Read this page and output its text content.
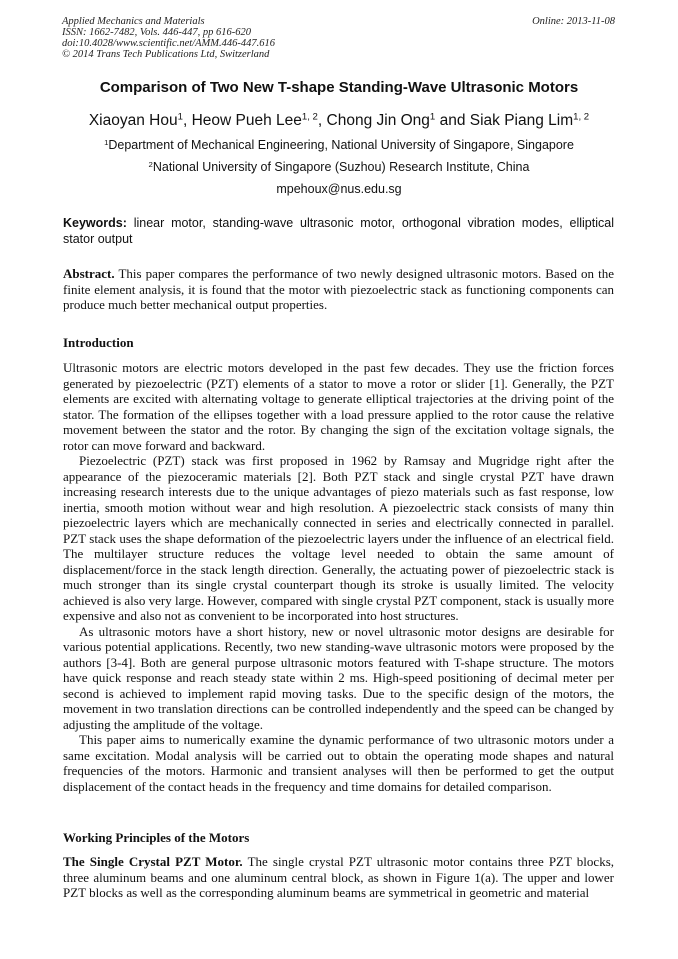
Applied Mechanics and Materials
ISSN: 1662-7482, Vols. 446-447, pp 616-620
doi:10.4028/www.scientific.net/AMM.446-447.616
© 2014 Trans Tech Publications Ltd, Switzerland
Online: 2013-11-08
Comparison of Two New T-shape Standing-Wave Ultrasonic Motors
Xiaoyan Hou$^1$, Heow Pueh Lee$^{1, 2}$, Chong Jin Ong$^1$ and Siak Piang Lim$^{1, 2}$
$^1$Department of Mechanical Engineering, National University of Singapore, Singapore
$^2$National University of Singapore (Suzhou) Research Institute, China
mpehoux@nus.edu.sg
Keywords: linear motor, standing-wave ultrasonic motor, orthogonal vibration modes, elliptical stator output
Abstract. This paper compares the performance of two newly designed ultrasonic motors. Based on the finite element analysis, it is found that the motor with piezoelectric stack as functioning components can produce much better mechanical output properties.
Introduction

Ultrasonic motors are electric motors developed in the past few decades. They use the friction forces generated by piezoelectric (PZT) elements of a stator to move a rotor or slider [1]. Generally, the PZT elements are excited with alternating voltage to generate elliptical trajectories at the driving point of the stator. The formation of the ellipses together with a load pressure applied to the rotor cause the relative movement between the stator and the rotor. By changing the sign of the excitation voltage signals, the rotor can move forward and backward.

Piezoelectric (PZT) stack was first proposed in 1962 by Ramsay and Mugridge right after the appearance of the piezoceramic materials [2]. Both PZT stack and single crystal PZT have drawn increasing research interests due to the unique advantages of piezo materials such as fast response, low inertia, smooth motion without wear and high resolution. A piezoelectric stack consists of many thin piezoelectric layers which are mechanically connected in series and electrically connected in parallel. PZT stack uses the shape deformation of the piezoelectric layers under the influence of an electrical field. The multilayer structure reduces the voltage level needed to obtain the same amount of displacement/force in the stack length direction. Generally, the actuating power of piezoelectric stack is much stronger than its single crystal counterpart though its stroke is usually limited. The velocity achieved is also very large. However, compared with single crystal PZT component, stack is usually more expensive and also not as convenient to be incorporated into host structures.

As ultrasonic motors have a short history, new or novel ultrasonic motor designs are desirable for various potential applications. Recently, two new standing-wave ultrasonic motors were proposed by the authors [3-4]. Both are general purpose ultrasonic motors featured with T-shape structure. The motors have quick response and reach steady state within 2 ms. High-speed positioning of decimal meter per second is achieved to implement rapid moving tasks. Due to the specific design of the motors, the movement in two translation directions can be controlled independently and the speed can be changed by adjusting the amplitude of the voltage.

This paper aims to numerically examine the dynamic performance of two ultrasonic motors under a same excitation. Modal analysis will be carried out to obtain the operating mode shapes and natural frequencies of the motors. Harmonic and transient analyses will then be performed to get the output displacement of the contact heads in the frequency and time domains for detailed comparison.

Working Principles of the Motors
The Single Crystal PZT Motor. The single crystal PZT ultrasonic motor contains three PZT blocks, three aluminum beams and one aluminum central block, as shown in Figure 1(a). The upper and lower PZT blocks as well as the corresponding aluminum beams are symmetrical in geometric and material
